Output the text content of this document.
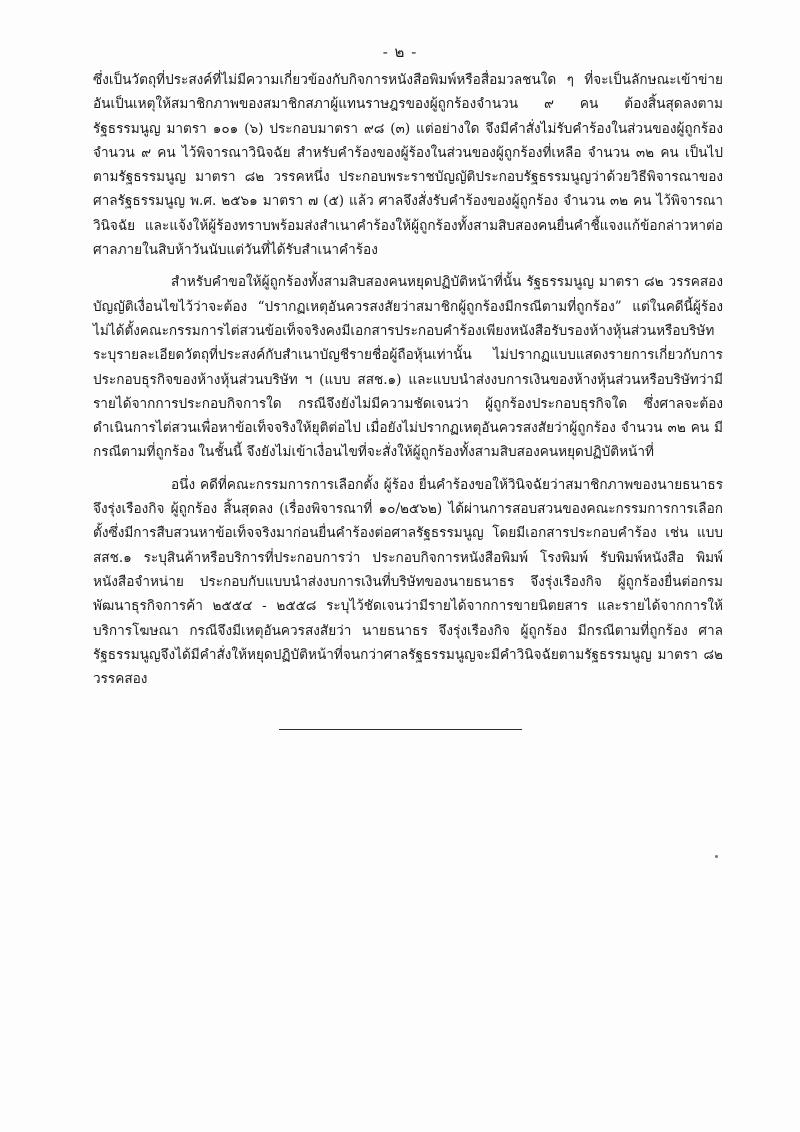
- ๒ -

ซึ่งเป็นวัตถุที่ประสงค์ที่ไม่มีความเกี่ยวข้องกับกิจการหนังสือพิมพ์หรือสื่อมวลชนใด ๆ ที่จะเป็นลักษณะเข้าข่ายอันเป็นเหตุให้สมาชิกภาพของสมาชิกสภาผู้แทนราษฎรของผู้ถูกร้องจำนวน ๙ คน ต้องสิ้นสุดลงตามรัฐธรรมนูญ มาตรา ๑๐๑ (๖) ประกอบมาตรา ๙๘ (๓) แต่อย่างใด จึงมีคำสั่งไม่รับคำร้องในส่วนของผู้ถูกร้อง จำนวน ๙ คน ไว้พิจารณาวินิจฉัย สำหรับคำร้องของผู้ร้องในส่วนของผู้ถูกร้องที่เหลือ จำนวน ๓๒ คน เป็นไปตามรัฐธรรมนูญ มาตรา ๘๒ วรรคหนึ่ง ประกอบพระราชบัญญัติประกอบรัฐธรรมนูญว่าด้วยวิธีพิจารณาของศาลรัฐธรรมนูญ พ.ศ. ๒๕๖๑ มาตรา ๗ (๕) แล้ว ศาลจึงสั่งรับคำร้องของผู้ถูกร้อง จำนวน ๓๒ คน ไว้พิจารณาวินิจฉัย และแจ้งให้ผู้ร้องทราบพร้อมส่งสำเนาคำร้องให้ผู้ถูกร้องทั้งสามสิบสองคนยื่นคำชี้แจงแก้ข้อกล่าวหาต่อศาลภายในสิบห้าวันนับแต่วันที่ได้รับสำเนาคำร้อง

สำหรับคำขอให้ผู้ถูกร้องทั้งสามสิบสองคนหยุดปฏิบัติหน้าที่นั้น รัฐธรรมนูญ มาตรา ๘๒ วรรคสอง บัญญัติเงื่อนไขไว้ว่าจะต้อง “ปรากฏเหตุอันควรสงสัยว่าสมาชิกผู้ถูกร้องมีกรณีตามที่ถูกร้อง” แต่ในคดีนี้ผู้ร้องไม่ได้ตั้งคณะกรรมการไต่สวนข้อเท็จจริงคงมีเอกสารประกอบคำร้องเพียงหนังสือรับรองห้างหุ้นส่วนหรือบริษัทระบุรายละเอียดวัตถุที่ประสงค์กับสำเนาบัญชีรายชื่อผู้ถือหุ้นเท่านั้น ไม่ปรากฏแบบแสดงรายการเกี่ยวกับการประกอบธุรกิจของห้างหุ้นส่วนบริษัท ฯ (แบบ สสช.๑) และแบบนำส่งงบการเงินของห้างหุ้นส่วนหรือบริษัทว่ามีรายได้จากการประกอบกิจการใด กรณีจึงยังไม่มีความชัดเจนว่า ผู้ถูกร้องประกอบธุรกิจใด ซึ่งศาลจะต้องดำเนินการไต่สวนเพื่อหาข้อเท็จจริงให้ยุติต่อไป เมื่อยังไม่ปรากฏเหตุอันควรสงสัยว่าผู้ถูกร้อง จำนวน ๓๒ คน มีกรณีตามที่ถูกร้อง ในชั้นนี้ จึงยังไม่เข้าเงื่อนไขที่จะสั่งให้ผู้ถูกร้องทั้งสามสิบสองคนหยุดปฏิบัติหน้าที่

อนึ่ง คดีที่คณะกรรมการการเลือกตั้ง ผู้ร้อง ยื่นคำร้องขอให้วินิจฉัยว่าสมาชิกภาพของนายธนาธร จึงรุ่งเรืองกิจ ผู้ถูกร้อง สิ้นสุดลง (เรื่องพิจารณาที่ ๑๐/๒๕๖๒) ได้ผ่านการสอบสวนของคณะกรรมการการเลือกตั้งซึ่งมีการสืบสวนหาข้อเท็จจริงมาก่อนยื่นคำร้องต่อศาลรัฐธรรมนูญ โดยมีเอกสารประกอบคำร้อง เช่น แบบ สสช.๑ ระบุสินค้าหรือบริการที่ประกอบการว่า ประกอบกิจการหนังสือพิมพ์ โรงพิมพ์ รับพิมพ์หนังสือ พิมพ์หนังสือจำหน่าย ประกอบกับแบบนำส่งงบการเงินที่บริษัทของนายธนาธร จึงรุ่งเรืองกิจ ผู้ถูกร้องยื่นต่อกรมพัฒนาธุรกิจการค้า ๒๕๕๔ - ๒๕๕๘ ระบุไว้ชัดเจนว่ามีรายได้จากการขายนิตยสาร และรายได้จากการให้บริการโฆษณา กรณีจึงมีเหตุอันควรสงสัยว่า นายธนาธร จึงรุ่งเรืองกิจ ผู้ถูกร้อง มีกรณีตามที่ถูกร้อง ศาลรัฐธรรมนูญจึงได้มีคำสั่งให้หยุดปฏิบัติหน้าที่จนกว่าศาลรัฐธรรมนูญจะมีคำวินิจฉัยตามรัฐธรรมนูญ มาตรา ๘๒ วรรคสอง
